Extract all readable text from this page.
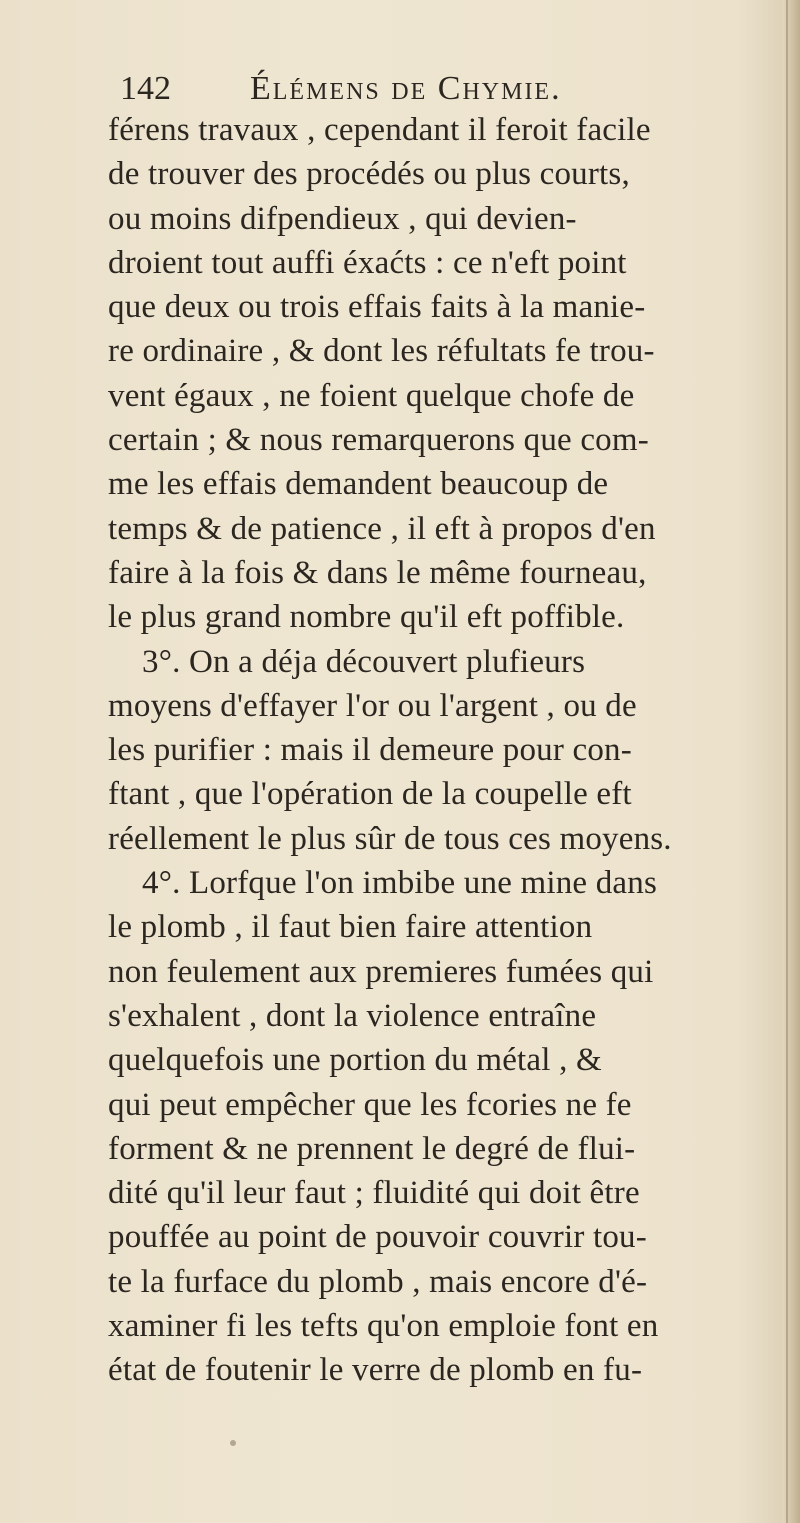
142 Élémens de Chymie.
férens travaux , cependant il feroit facile
de trouver des procédés ou plus courts,
ou moins difpendieux , qui devien-
droient tout auffi éxaćts : ce n'eft point
que deux ou trois effais faits à la manie-
re ordinaire , & dont les réfultats fe trou-
vent égaux , ne foient quelque chofe de
certain ; & nous remarquerons que com-
me les effais demandent beaucoup de
temps & de patience , il eft à propos d'en
faire à la fois & dans le même fourneau,
le plus grand nombre qu'il eft poffible.
3°. On a déja découvert plufieurs
moyens d'effayer l'or ou l'argent , ou de
les purifier : mais il demeure pour con-
ftant , que l'opération de la coupelle eft
réellement le plus sûr de tous ces moyens.
4°. Lorfque l'on imbibe une mine dans
le plomb , il faut bien faire attention
non feulement aux premieres fumées qui
s'exhalent , dont la violence entraîne
quelquefois une portion du métal , &
qui peut empêcher que les fcories ne fe
forment & ne prennent le degré de flui-
dité qu'il leur faut ; fluidité qui doit être
pouffée au point de pouvoir couvrir tou-
te la furface du plomb , mais encore d'é-
xaminer fi les tefts qu'on emploie font en
état de foutenir le verre de plomb en fu-
